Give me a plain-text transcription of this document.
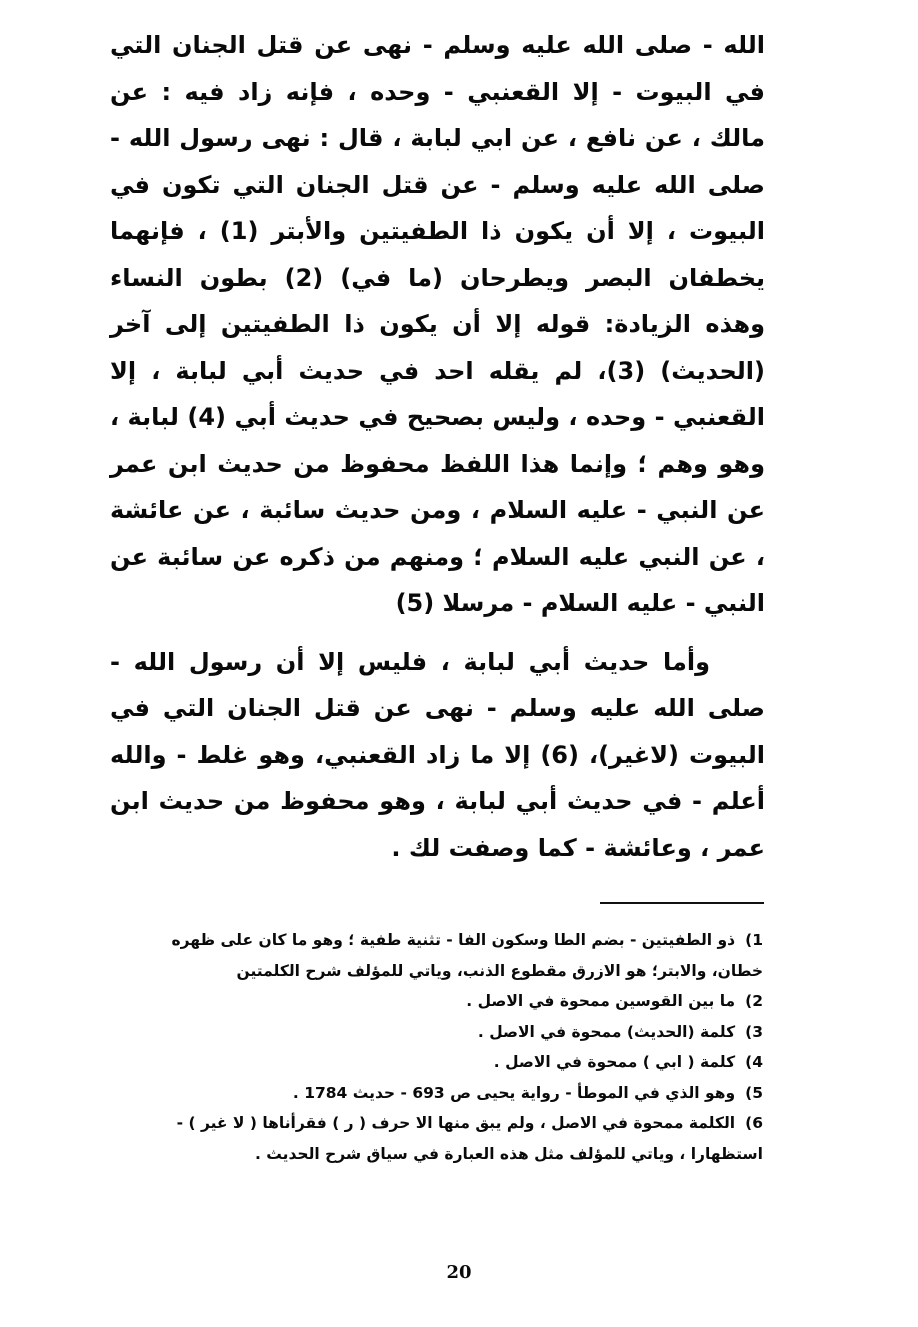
الله - صلى الله عليه وسلم - نهى عن قتل الجنان التي في البيوت - إلا القعنبي - وحده ، فإنه زاد فيه : عن مالك ، عن نافع ، عن ابي لبابة ، قال : نهى رسول الله - صلى الله عليه وسلم - عن قتل الجنان التي تكون في البيوت ، إلا أن يكون ذا الطفيتين والأبتر (1) ، فإنهما يخطفان البصر ويطرحان (ما في) (2) بطون النساء وهذه الزيادة: قوله إلا أن يكون ذا الطفيتين إلى آخر (الحديث) (3)، لم يقله احد في حديث أبي لبابة ، إلا القعنبي - وحده ، وليس بصحيح في حديث أبي (4) لبابة ، وهو وهم ؛ وإنما هذا اللفظ محفوظ من حديث ابن عمر عن النبي - عليه السلام ، ومن حديث سائبة ، عن عائشة ، عن النبي عليه السلام ؛ ومنهم من ذكره عن سائبة عن النبي - عليه السلام - مرسلا (5)

وأما حديث أبي لبابة ، فليس إلا أن رسول الله - صلى الله عليه وسلم - نهى عن قتل الجنان التي في البيوت (لاغير)، (6) إلا ما زاد القعنبي، وهو غلط - والله أعلم - في حديث أبي لبابة ، وهو محفوظ من حديث ابن عمر ، وعائشة - كما وصفت لك .

1)ذو الطفيتين - بضم الطا وسكون الفا - تثنية طفية ؛ وهو ما كان على ظهره خطان، والابتر؛ هو الازرق مقطوع الذنب، وياتي للمؤلف شرح الكلمتين

2)ما بين القوسين ممحوة في الاصل .

3)كلمة (الحديث) ممحوة في الاصل .

4)كلمة ( ابي ) ممحوة في الاصل .

5)وهو الذي في الموطأ - رواية يحيى ص 693 - حديث 1784 .

6)الكلمة ممحوة في الاصل ، ولم يبق منها الا حرف ( ر ) فقرأناها ( لا غير ) - استظهارا ، وياتي للمؤلف مثل هذه العبارة في سياق شرح الحديث .

20
